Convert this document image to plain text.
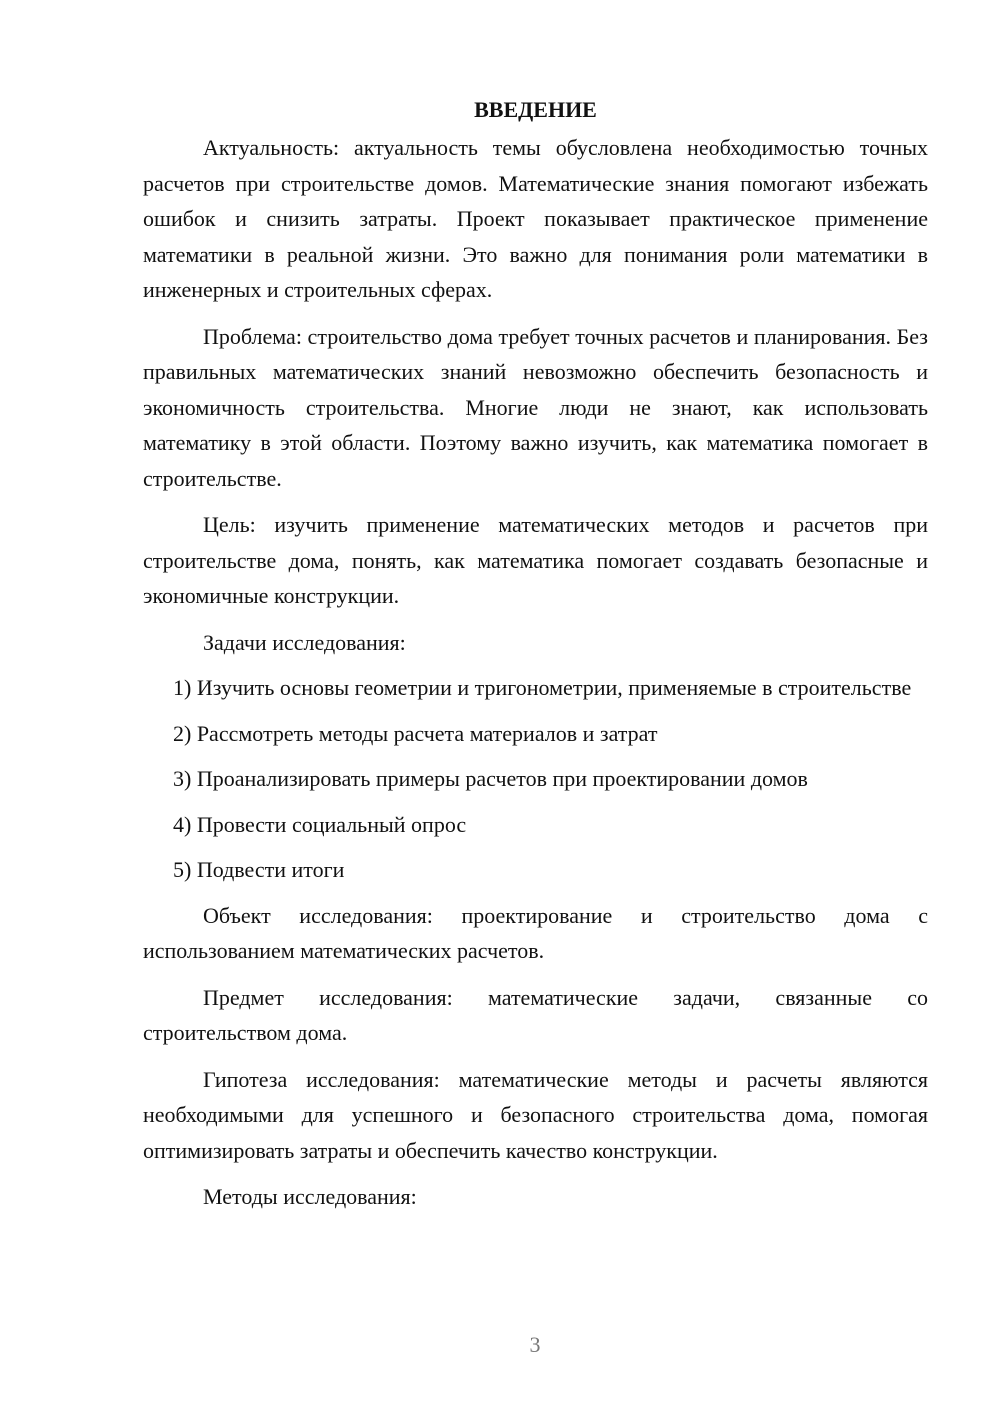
ВВЕДЕНИЕ

Актуальность: актуальность темы обусловлена необходимостью точных расчетов при строительстве домов. Математические знания помогают избежать ошибок и снизить затраты. Проект показывает практическое применение математики в реальной жизни. Это важно для понимания роли математики в инженерных и строительных сферах.

Проблема: строительство дома требует точных расчетов и планирования. Без правильных математических знаний невозможно обеспечить безопасность и экономичность строительства. Многие люди не знают, как использовать математику в этой области. Поэтому важно изучить, как математика помогает в строительстве.

Цель: изучить применение математических методов и расчетов при строительстве дома, понять, как математика помогает создавать безопасные и экономичные конструкции.

Задачи исследования:

1) Изучить основы геометрии и тригонометрии, применяемые в строительстве

2) Рассмотреть методы расчета материалов и затрат

3) Проанализировать примеры расчетов при проектировании домов

4) Провести социальный опрос

5) Подвести итоги

Объект исследования: проектирование и строительство дома с использованием математических расчетов.

Предмет исследования: математические задачи, связанные со строительством дома.

Гипотеза исследования: математические методы и расчеты являются необходимыми для успешного и безопасного строительства дома, помогая оптимизировать затраты и обеспечить качество конструкции.

Методы исследования:

3
